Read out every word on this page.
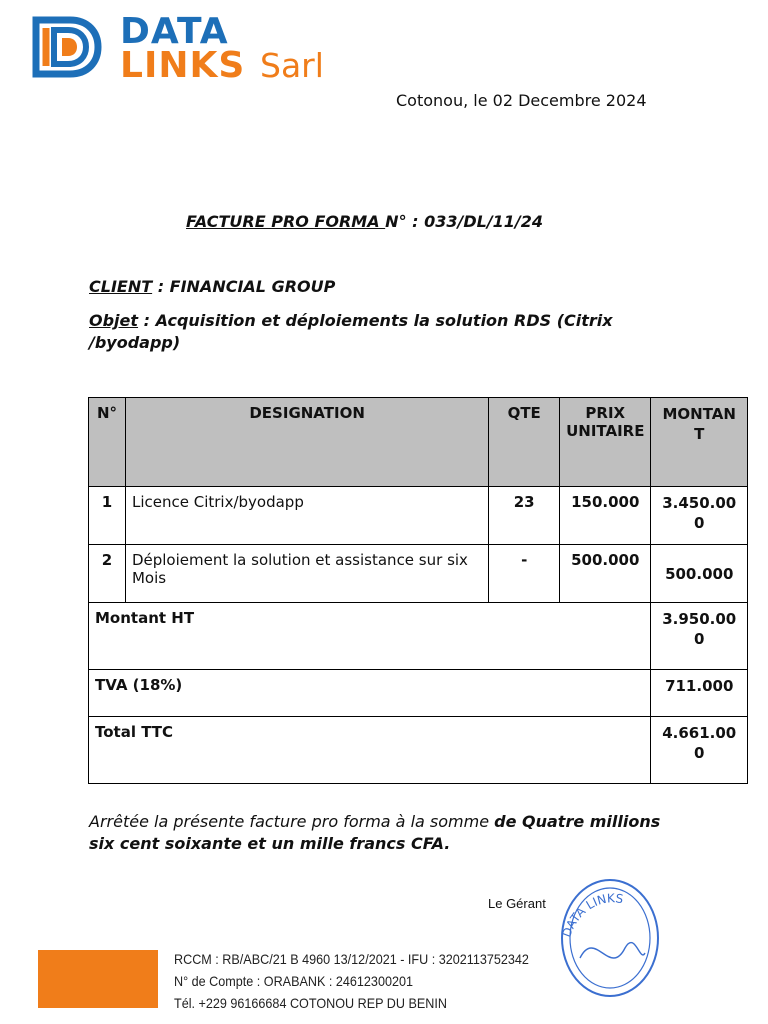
DATA
LINKS Sarl
Cotonou, le 02 Decembre 2024
FACTURE PRO FORMA N° : 033/DL/11/24
CLIENT : FINANCIAL GROUP
Objet : Acquisition et déploiements la solution RDS (Citrix /byodapp)
N°	DESIGNATION	QTE	PRIX UNITAIRE	MONTANT
1	Licence Citrix/byodapp	23	150.000	3.450.000
2	Déploiement la solution et assistance sur six Mois	-	500.000	500.000
Montant HT				3.950.000
TVA (18%)				711.000
Total TTC				4.661.000
Arrêtée la présente facture pro forma à la somme de Quatre millions six cent soixante et un mille francs CFA.
Le Gérant
DATA LINKS
RCCM : RB/ABC/21 B 4960 13/12/2021 - IFU : 3202113752342
N° de Compte : ORABANK : 24612300201
Tél. +229 96166684 COTONOU REP DU BENIN
